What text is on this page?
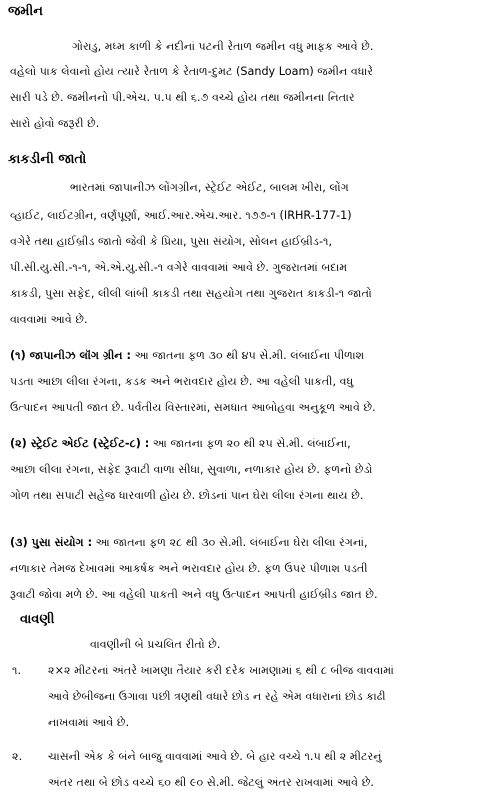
જમીન

ગોરાડુ, મધ્મ કાળી કે નદીનાં પટની રેતાળ જમીન વધુ માફક આવે છે.

વહેલો પાક લેવાનો હોય ત્યારે રેતાળ કે રેતાળ-દુમટ (Sandy Loam) જમીન વધારે

સારી પડે છે. જમીનનો પી.એચ. ૫.૫ થી ૬.૭ વચ્ચે હોય તથા જમીનના નિતાર

સારો હોવો જરૂરી છે.

કાકડીની જાતો

ભારતમાં જાપાનીઝ લોંગગ્રીન, સ્ટ્રેઈટ એઈટ, બાલમ ખીરા, લોંગ

વ્હાઈટ, લાઈટગ્રીન, વર્ણપૂર્ણા, આઈ.આર.એચ.આર. ૧૭૭-૧ (IRHR-177-1)

વગેરે તથા હાઈબ્રીડ જાતો જેવી કે પ્રિયા, પુસા સંયોગ, સોલન હાઈબ્રીડ-૧,

પી.સી.યુ.સી.-૧-૧, એ.એ.યુ.સી.-૧ વગેરે વાવવામાં આવે છે. ગુજરાતમાં બદામ

કાકડી, પુસા સફેદ, લીલી લાંબી કાકડી તથા સહયોગ તથા ગુજરાત કાકડી-૧ જાતો

વાવવામાં આવે છે.

(૧) જાપાનીઝ લૉંગ ગ્રીન : આ જાતના ફળ ૩૦ થી ૪૫ સે.મી. લંબાઈના પીળાશ

પડતા આછા લીલા રંગના, કડક અને ભરાવદાર હોય છે. આ વહેલી પાકતી, વધુ

ઉત્પાદન આપતી જાત છે. પર્વતીય વિસ્તારમાં, સમધાત આબોહવા અનુકૂળ આવે છે.

(૨) સ્ટ્રેઈટ એઈટ (સ્ટ્રેઈટ-૮) : આ જાતના ફળ ૨૦ થી ૨૫ સે.મી. લંબાઈના,

આછા લીલા રંગના, સફેદ રૂવાટી વાળા સીધા, સુવાળા, નળાકાર હોય છે. ફળનો છેડો

ગોળ તથા સપાટી સહેજ ધારવાળી હોય છે. છોડનાં પાન ઘેરા લીલા રંગના થાય છે.

(૩) પુસા સંયોગ : આ જાતના ફળ ૨૮ થી ૩૦ સે.મી. લંબાઈના ઘેરા લીલા રંગનાં,

નળાકાર તેમજ દેખાવમાં આકર્ષક અને ભરાવદાર હોય છે. ફળ ઉપર પીળાશ પડતી

રૂવાટી જોવા મળે છે. આ વહેલી પાકતી અને વધુ ઉત્પાદન આપતી હાઈબ્રીડ જાત છે.

વાવણી

વાવણીની બે પ્રચલિત રીતો છે.

૧. ૨×૨ મીટરનાં અંતરે ખામણા તૈયાર કરી દરેક ખામણામાં ૬ થી ૮ બીજ વાવવામાં

આવે છેબીજના ઉગાવા પછી ત્રણથી વધારે છોડ ન રહે એમ વધારાનાં છોડ કાઢી

નાખવામાં આવે છે.

૨. ચાસની એક કે બંને બાજુ વાવવામાં આવે છે. બે હાર વચ્ચે ૧.૫ થી ૨ મીટરનું

અંતર તથા બે છોડ વચ્ચે ૬૦ થી ૯૦ સે.મી. જેટલું અંતર રાખવામાં આવે છે.
